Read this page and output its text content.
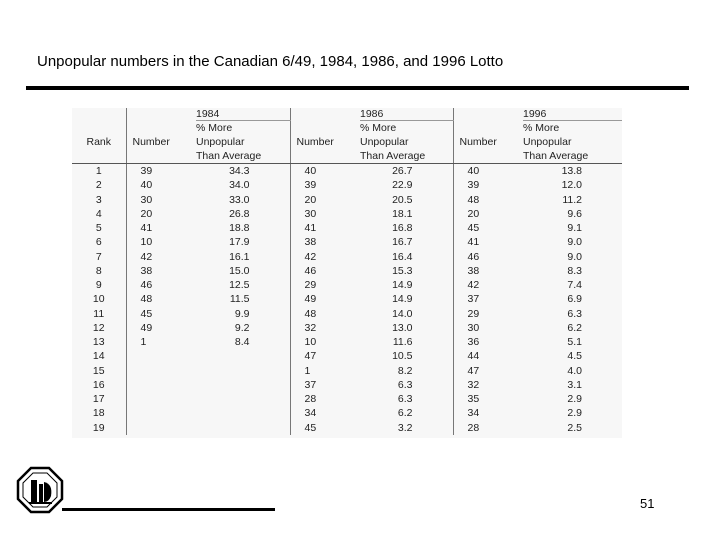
Unpopular numbers in the Canadian 6/49, 1984, 1986, and 1996 Lotto
		1984		1986		1996
		% More		% More		% More
Rank	Number	Unpopular	Number	Unpopular	Number	Unpopular
		Than Average		Than Average		Than Average
1	39	34.3	40	26.7	40	13.8
2	40	34.0	39	22.9	39	12.0
3	30	33.0	20	20.5	48	11.2
4	20	26.8	30	18.1	20	9.6
5	41	18.8	41	16.8	45	9.1
6	10	17.9	38	16.7	41	9.0
7	42	16.1	42	16.4	46	9.0
8	38	15.0	46	15.3	38	8.3
9	46	12.5	29	14.9	42	7.4
10	48	11.5	49	14.9	37	6.9
11	45	9.9	48	14.0	29	6.3
12	49	9.2	32	13.0	30	6.2
13	1	8.4	10	11.6	36	5.1
14			47	10.5	44	4.5
15			1	8.2	47	4.0
16			37	6.3	32	3.1
17			28	6.3	35	2.9
18			34	6.2	34	2.9
19			45	3.2	28	2.5
51
